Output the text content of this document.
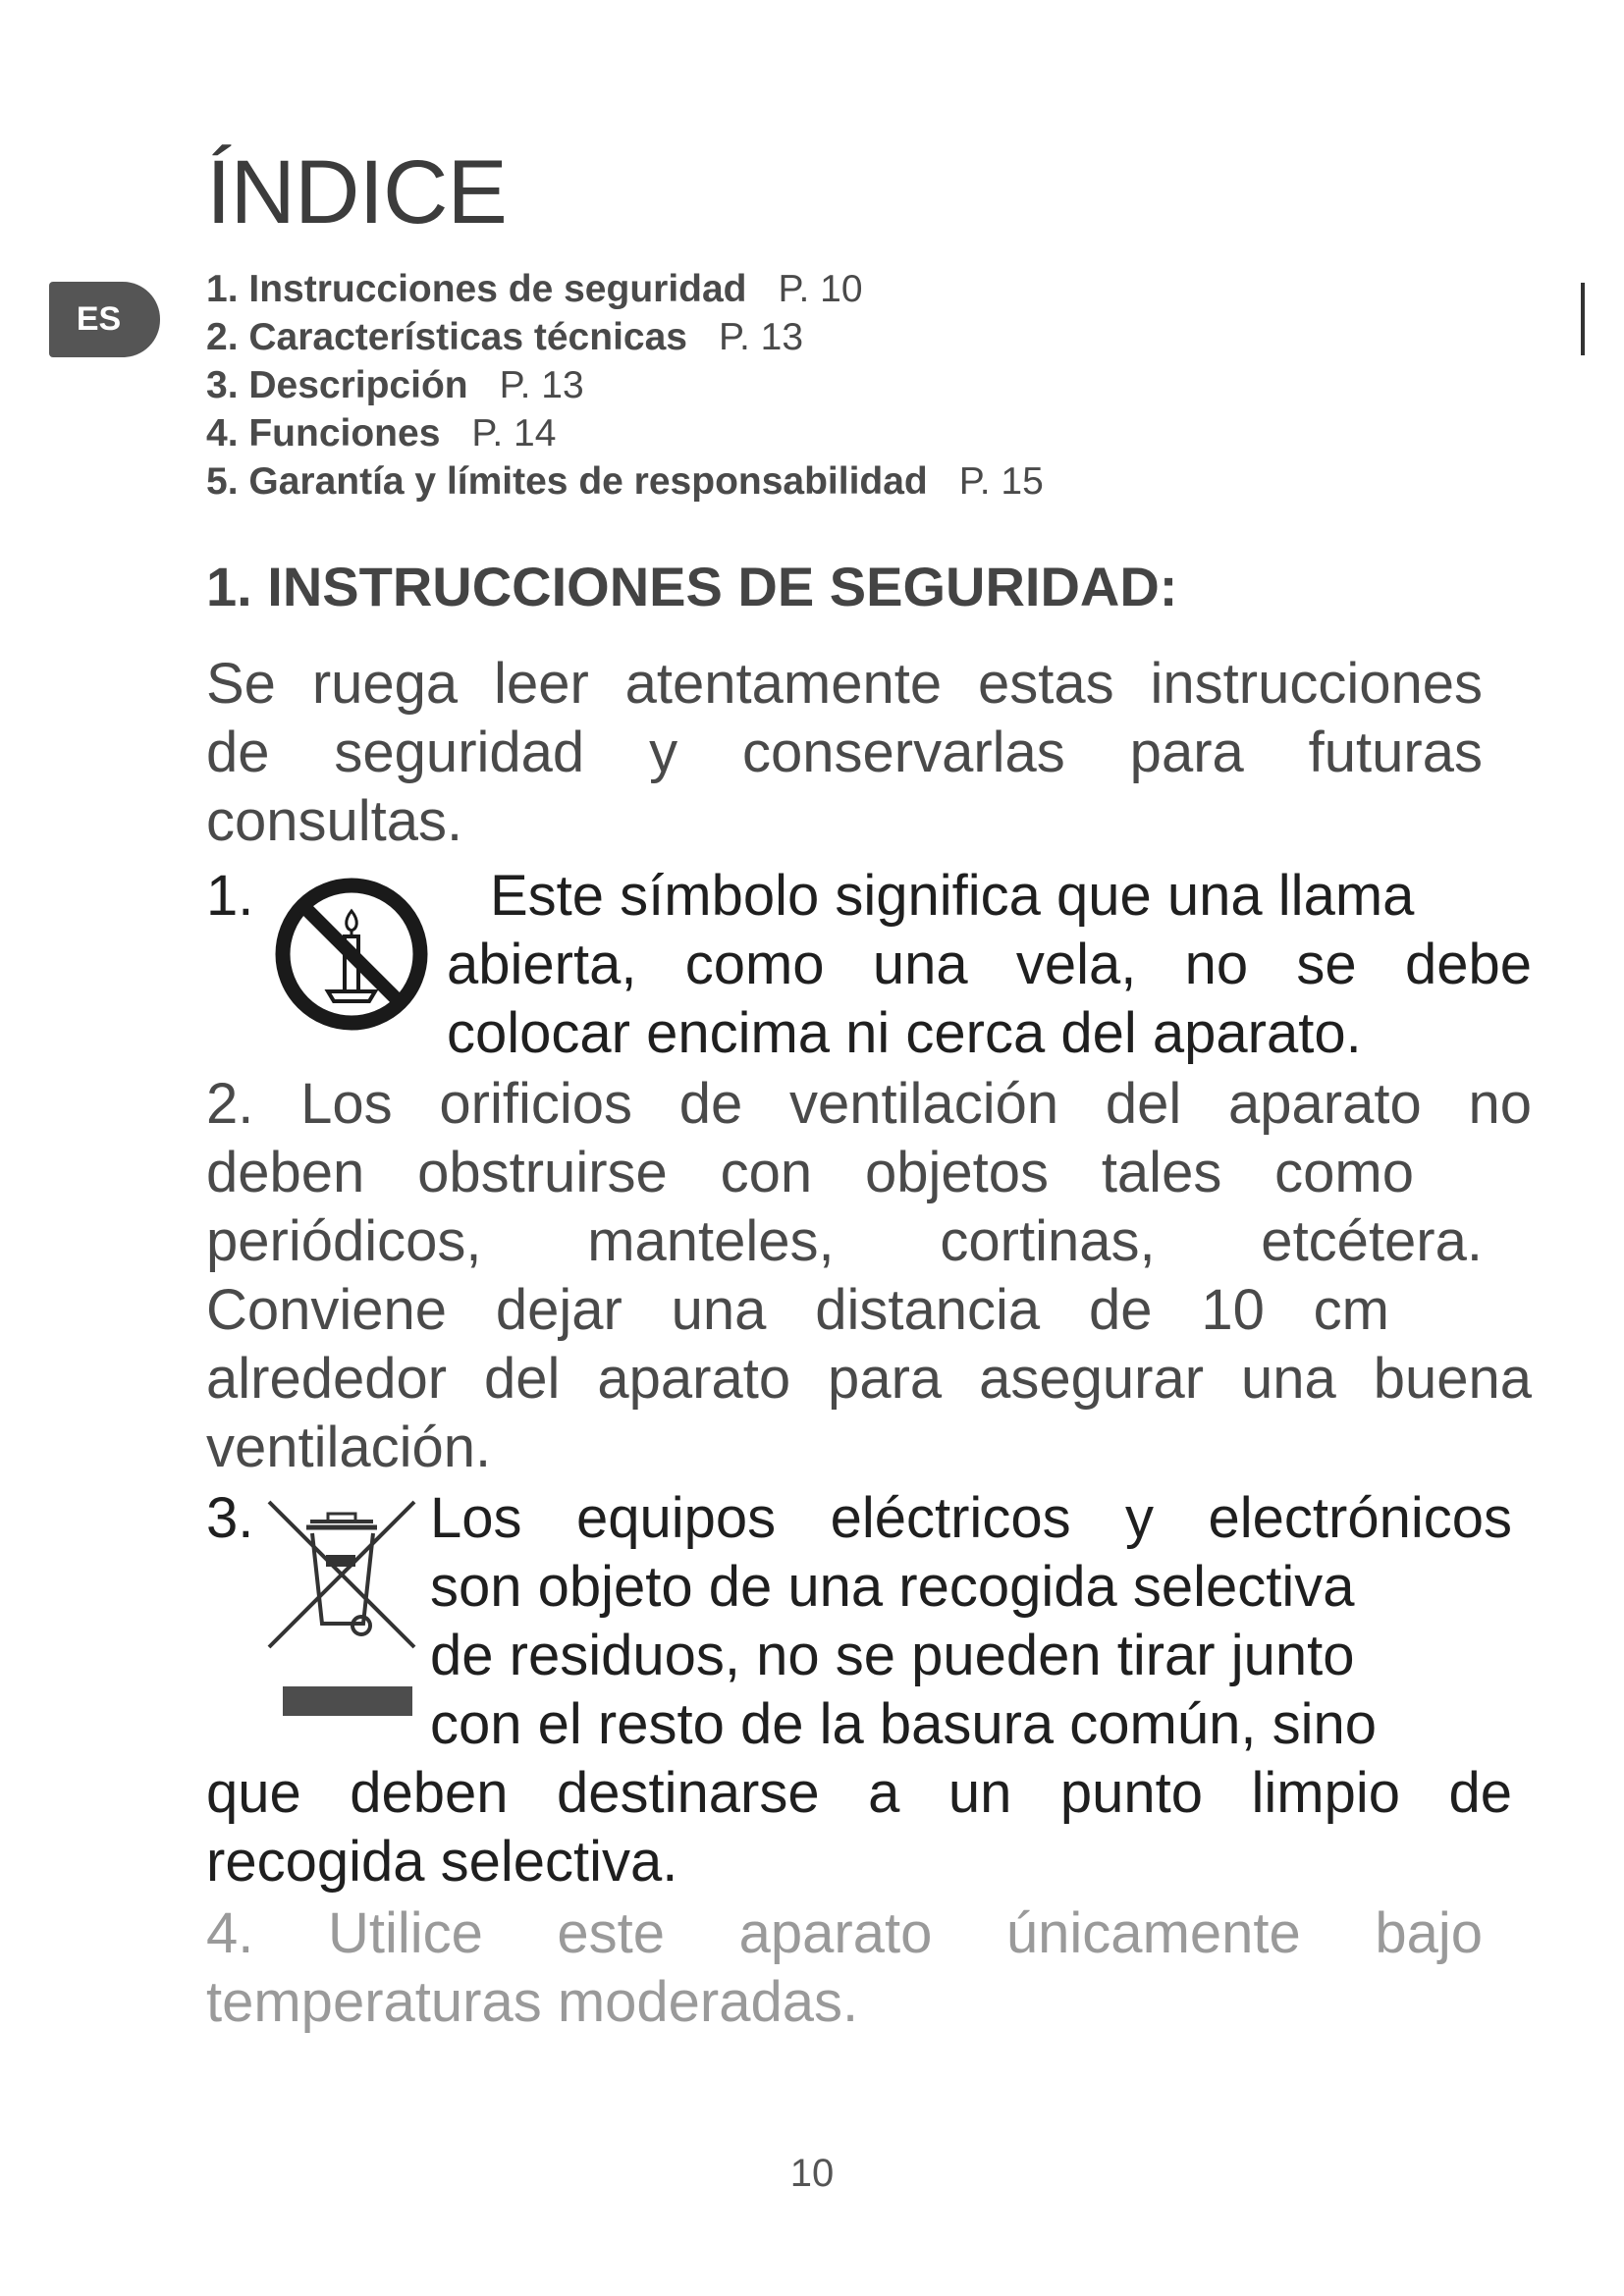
ÍNDICE
ES
1. Instrucciones de seguridad P. 10
2. Características técnicas P. 13
3. Descripción P. 13
4. Funciones P. 14
5. Garantía y límites de responsabilidad P. 15
1. INSTRUCCIONES DE SEGURIDAD:
Se ruega leer atentamente estas instrucciones
de seguridad y conservarlas para futuras
consultas.
1.	Este símbolo significa que una llama
abierta, como una vela, no se debe
colocar encima ni cerca del aparato.
2. Los orificios de ventilación del aparato no
deben obstruirse con objetos tales como
periódicos, manteles, cortinas, etcétera.
Conviene dejar una distancia de 10 cm
alrededor del aparato para asegurar una buena
ventilación.
3.	Los equipos eléctricos y electrónicos
son objeto de una recogida selectiva
de residuos, no se pueden tirar junto
con el resto de la basura común, sino
que deben destinarse a un punto limpio de
recogida selectiva.
4. Utilice este aparato únicamente bajo
temperaturas moderadas.
10
